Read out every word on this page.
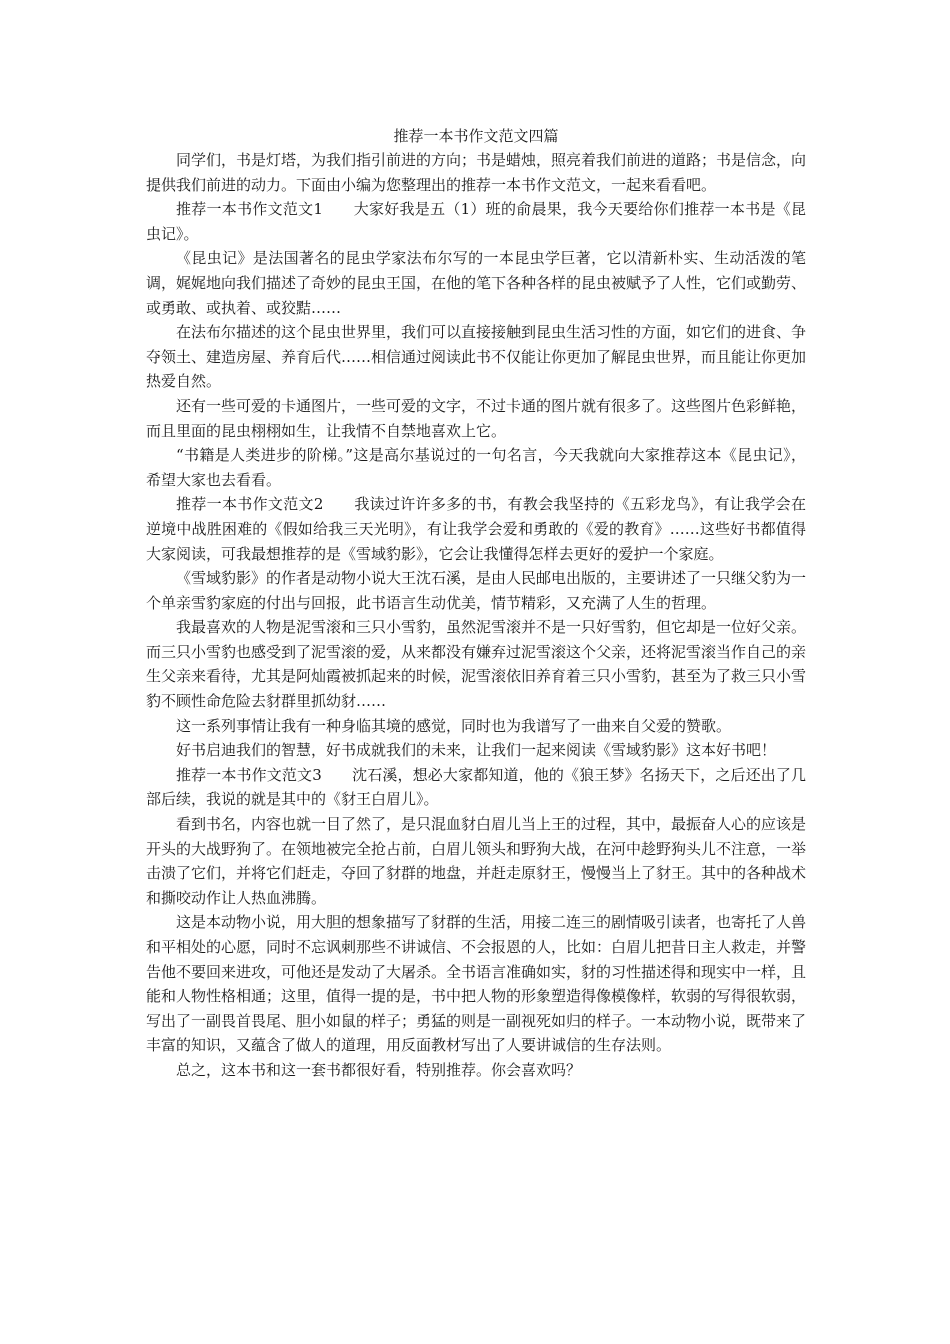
推荐一本书作文范文四篇

同学们，书是灯塔，为我们指引前进的方向；书是蜡烛，照亮着我们前进的道路；书是信念，向提供我们前进的动力。下面由小编为您整理出的推荐一本书作文范文，一起来看看吧。

推荐一本书作文范文1　　大家好我是五（1）班的俞晨果，我今天要给你们推荐一本书是《昆虫记》。

《昆虫记》是法国著名的昆虫学家法布尔写的一本昆虫学巨著，它以清新朴实、生动活泼的笔调，娓娓地向我们描述了奇妙的昆虫王国，在他的笔下各种各样的昆虫被赋予了人性，它们或勤劳、或勇敢、或执着、或狡黠……

在法布尔描述的这个昆虫世界里，我们可以直接接触到昆虫生活习性的方面，如它们的进食、争夺领土、建造房屋、养育后代……相信通过阅读此书不仅能让你更加了解昆虫世界，而且能让你更加热爱自然。

还有一些可爱的卡通图片，一些可爱的文字，不过卡通的图片就有很多了。这些图片色彩鲜艳，而且里面的昆虫栩栩如生，让我情不自禁地喜欢上它。

“书籍是人类进步的阶梯。”这是高尔基说过的一句名言，今天我就向大家推荐这本《昆虫记》，希望大家也去看看。

推荐一本书作文范文2　　我读过许许多多的书，有教会我坚持的《五彩龙鸟》，有让我学会在逆境中战胜困难的《假如给我三天光明》，有让我学会爱和勇敢的《爱的教育》……这些好书都值得大家阅读，可我最想推荐的是《雪域豹影》，它会让我懂得怎样去更好的爱护一个家庭。

《雪域豹影》的作者是动物小说大王沈石溪，是由人民邮电出版的，主要讲述了一只继父豹为一个单亲雪豹家庭的付出与回报，此书语言生动优美，情节精彩，又充满了人生的哲理。

我最喜欢的人物是泥雪滚和三只小雪豹，虽然泥雪滚并不是一只好雪豹，但它却是一位好父亲。而三只小雪豹也感受到了泥雪滚的爱，从来都没有嫌弃过泥雪滚这个父亲，还将泥雪滚当作自己的亲生父亲来看待，尤其是阿灿霞被抓起来的时候，泥雪滚依旧养育着三只小雪豹，甚至为了救三只小雪豹不顾性命危险去豺群里抓幼豺……

这一系列事情让我有一种身临其境的感觉，同时也为我谱写了一曲来自父爱的赞歌。

好书启迪我们的智慧，好书成就我们的未来，让我们一起来阅读《雪域豹影》这本好书吧！

推荐一本书作文范文3　　沈石溪，想必大家都知道，他的《狼王梦》名扬天下，之后还出了几部后续，我说的就是其中的《豺王白眉儿》。

看到书名，内容也就一目了然了，是只混血豺白眉儿当上王的过程，其中，最振奋人心的应该是开头的大战野狗了。在领地被完全抢占前，白眉儿领头和野狗大战，在河中趁野狗头儿不注意，一举击溃了它们，并将它们赶走，夺回了豺群的地盘，并赶走原豺王，慢慢当上了豺王。其中的各种战术和撕咬动作让人热血沸腾。

这是本动物小说，用大胆的想象描写了豺群的生活，用接二连三的剧情吸引读者，也寄托了人兽和平相处的心愿，同时不忘讽刺那些不讲诚信、不会报恩的人，比如：白眉儿把昔日主人救走，并警告他不要回来进攻，可他还是发动了大屠杀。全书语言准确如实，豺的习性描述得和现实中一样，且能和人物性格相通；这里，值得一提的是，书中把人物的形象塑造得像模像样，软弱的写得很软弱，写出了一副畏首畏尾、胆小如鼠的样子；勇猛的则是一副视死如归的样子。一本动物小说，既带来了丰富的知识，又蕴含了做人的道理，用反面教材写出了人要讲诚信的生存法则。

总之，这本书和这一套书都很好看，特别推荐。你会喜欢吗？
